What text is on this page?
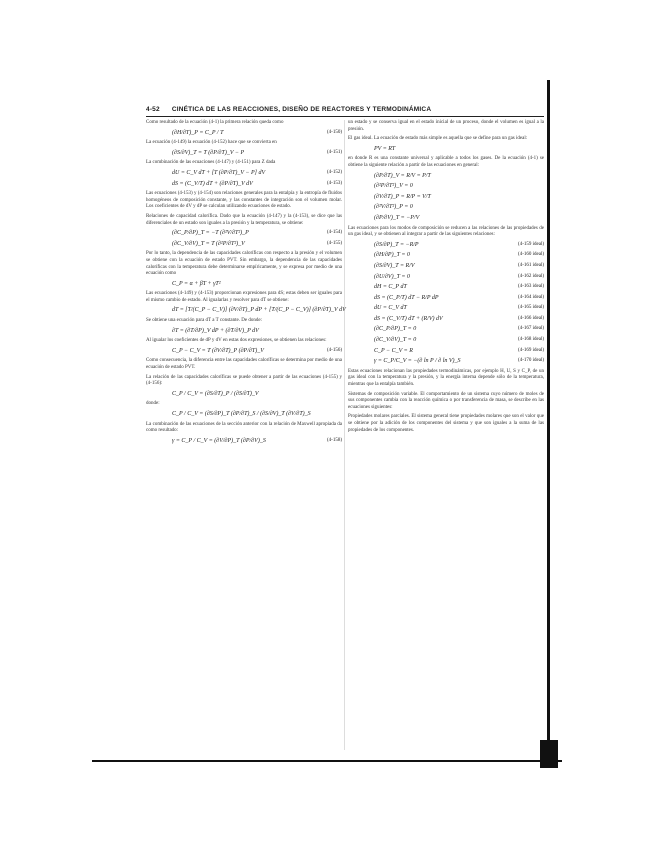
4-52 CINÉTICA DE LAS REACCIONES, DISEÑO DE REACTORES Y TERMODINÁMICA

Como resultado de la ecuación (4-1) la primera relación queda como

(∂H/∂T)_P = C_P / T	(4-150)

La ecuación (4-149) la ecuación (4-152) hace que se convierta en

(∂S/∂V)_T = T (∂P/∂T)_V − P	(4-151)

La combinación de las ecuaciones (4-147) y (4-151) para Z dada

dU = C_V dT + [T (∂P/∂T)_V − P] dV	(4-152)
dS = (C_V/T) dT + (∂P/∂T)_V dV	(4-153)

Las ecuaciones (4-153) y (4-154) son relaciones generales para la entalpía y la entropía de fluidos homogéneos de composición constante, y las constantes de integración son el volumen molar. Los coeficientes de dV y dP se calculan utilizando ecuaciones de estado.

Relaciones de capacidad calorífica. Dado que la ecuación (4-147) y la (4-153), se dice que las diferenciales de un estado son iguales a la presión y la temperatura, se obtiene:

(∂C_P/∂P)_T = −T (∂²V/∂T²)_P	(4-154)
(∂C_V/∂V)_T = T (∂²P/∂T²)_V	(4-155)

Por lo tanto, la dependencia de las capacidades caloríficas con respecto a la presión y el volumen se obtiene con la ecuación de estado PVT. Sin embargo, la dependencia de las capacidades caloríficas con la temperatura debe determinarse empíricamente, y se expresa por medio de una ecuación como

C_P = α + βT + γT²

Las ecuaciones (4-149) y (4-153) proporcionan expresiones para dS; estas deben ser iguales para el mismo cambio de estado. Al igualarlas y resolver para dT se obtiene:

dT = [T/(C_P − C_V)] (∂V/∂T)_P dP + [T/(C_P − C_V)] (∂P/∂T)_V dV

Se obtiene una ecuación para dT a T constante. De donde:

∂T = (∂T/∂P)_V dP + (∂T/∂V)_P dV

Al igualar los coeficientes de dP y dV en estas dos expresiones, se obtienen las relaciones:

C_P − C_V = T (∂V/∂T)_P (∂P/∂T)_V	(4-156)

Como consecuencia, la diferencia entre las capacidades caloríficas se determina por medio de una ecuación de estado PVT.

La relación de las capacidades caloríficas se puede obtener a partir de las ecuaciones (4-155) y (4-156):

C_P / C_V = (∂S/∂T)_P / (∂S/∂T)_V

donde:

C_P / C_V = (∂S/∂P)_T (∂P/∂T)_S / (∂S/∂V)_T (∂V/∂T)_S

La combinación de las ecuaciones de la sección anterior con la relación de Maxwell apropiada da como resultado:

γ = C_P / C_V = (∂V/∂P)_T (∂P/∂V)_S	(4-158)

un estado y se conserva igual en el estado inicial de un proceso, donde el volumen es igual a la presión.

El gas ideal. La ecuación de estado más simple es aquella que se define para un gas ideal:

PV = RT

en donde R es una constante universal y aplicable a todos los gases. De la ecuación (4-1) se obtiene la siguiente relación a partir de las ecuaciones en general:

(∂P/∂T)_V = R/V = P/T
(∂²P/∂T²)_V = 0
(∂V/∂T)_P = R/P = V/T
(∂²V/∂T²)_P = 0
(∂P/∂V)_T = −P/V

Las ecuaciones para los modos de composición se reducen a las relaciones de las propiedades de un gas ideal, y se obtienen al integrar a partir de las siguientes relaciones:

(∂S/∂P)_T = −R/P	(4-159 ideal)
(∂H/∂P)_T = 0	(4-160 ideal)
(∂S/∂V)_T = R/V	(4-161 ideal)
(∂U/∂V)_T = 0	(4-162 ideal)
dH = C_P dT	(4-163 ideal)
dS = (C_P/T) dT − R/P dP	(4-164 ideal)
dU = C_V dT	(4-165 ideal)
dS = (C_V/T) dT + (R/V) dV	(4-166 ideal)
(∂C_P/∂P)_T = 0	(4-167 ideal)
(∂C_V/∂V)_T = 0	(4-168 ideal)
C_P − C_V = R	(4-169 ideal)
γ = C_P/C_V = −(∂ ln P / ∂ ln V)_S	(4-170 ideal)

Estas ecuaciones relacionan las propiedades termodinámicas, por ejemplo H, U, S y C_P, de un gas ideal con la temperatura y la presión, y la energía interna depende sólo de la temperatura, mientras que la entalpía también.

Sistemas de composición variable. El comportamiento de un sistema cuyo número de moles de sus componentes cambia con la reacción química o por transferencia de masa, se describe en las ecuaciones siguientes:

Propiedades molares parciales. El sistema general tiene propiedades molares que son el valor que se obtiene por la adición de los componentes del sistema y que son iguales a la suma de las propiedades de los componentes.
